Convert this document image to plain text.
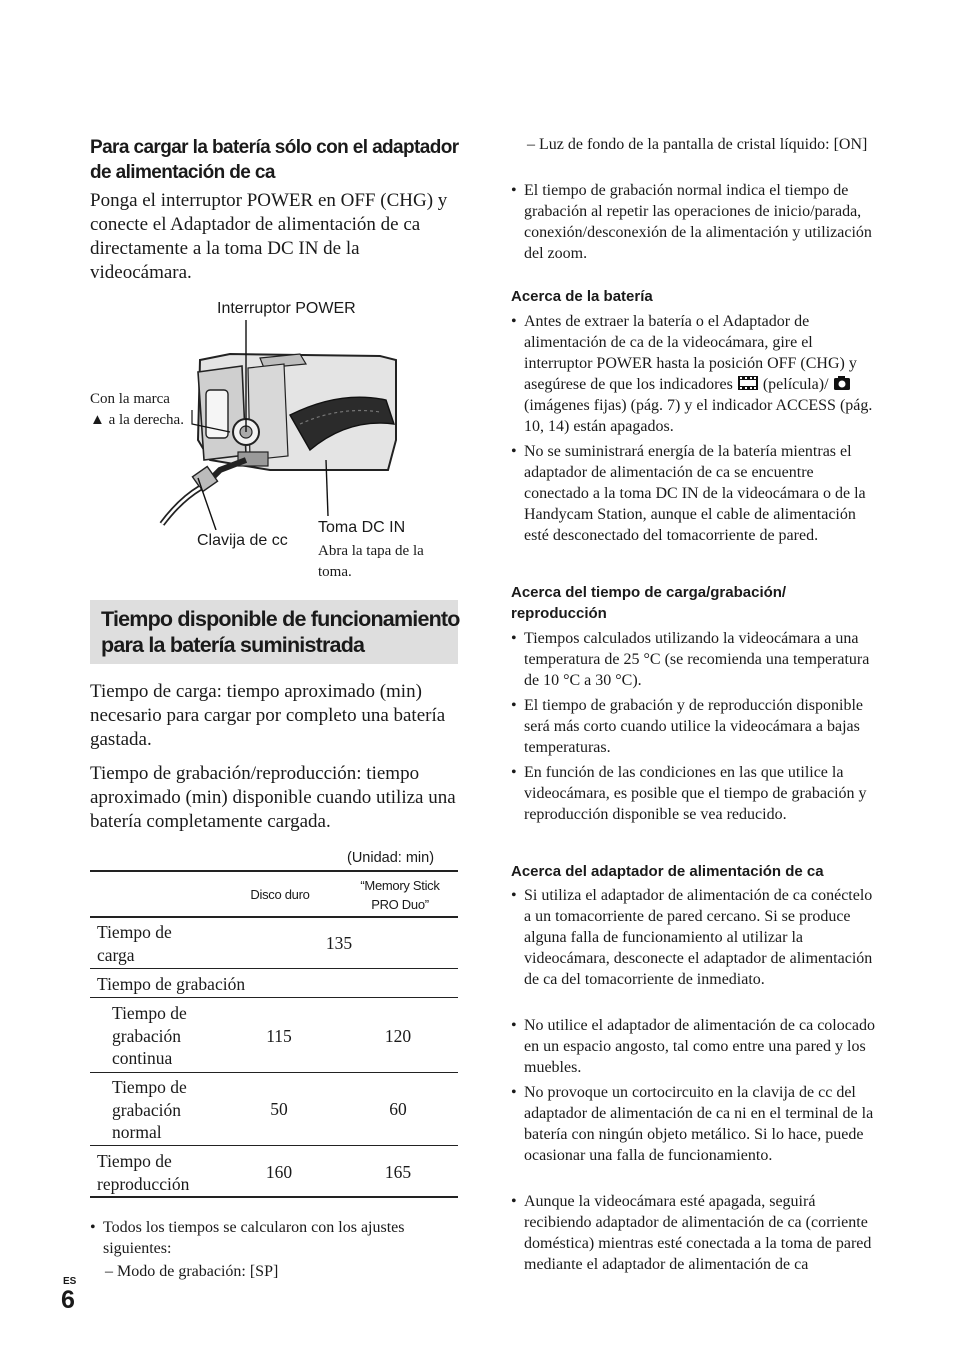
Para cargar la batería sólo con el adaptador de alimentación de ca
Ponga el interruptor POWER en OFF (CHG) y conecte el Adaptador de alimentación de ca directamente a la toma DC IN de la videocámara.
Interruptor POWER
Con la marca
▲ a la derecha.
Clavija de cc
Toma DC IN
Abra la tapa de la
toma.
Tiempo disponible de funcionamiento para la batería suministrada
Tiempo de carga: tiempo aproximado (min) necesario para cargar por completo una batería gastada.
Tiempo de grabación/reproducción: tiempo aproximado (min) disponible cuando utiliza una batería completamente cargada.
(Unidad: min)
Disco duro
“Memory Stick
PRO Duo”
Tiempo de
carga
135
Tiempo de grabación
Tiempo de
grabación
continua
115	120
Tiempo de
grabación
normal
50	60
Tiempo de
reproducción
160	165
• Todos los tiempos se calcularon con los ajustes siguientes:
– Modo de grabación: [SP]
ES
6
– Luz de fondo de la pantalla de cristal líquido: [ON]
• El tiempo de grabación normal indica el tiempo de grabación al repetir las operaciones de inicio/parada, conexión/desconexión de la alimentación y utilización del zoom.
Acerca de la batería
• Antes de extraer la batería o el Adaptador de alimentación de ca de la videocámara, gire el interruptor POWER hasta la posición OFF (CHG) y asegúrese de que los indicadores (película)/  (imágenes fijas) (pág. 7) y el indicador ACCESS (pág. 10, 14) están apagados.
• No se suministrará energía de la batería mientras el adaptador de alimentación de ca se encuentre conectado a la toma DC IN de la videocámara o de la Handycam Station, aunque el cable de alimentación esté desconectado del tomacorriente de pared.
Acerca del tiempo de carga/grabación/ reproducción
• Tiempos calculados utilizando la videocámara a una temperatura de 25 °C (se recomienda una temperatura de 10 °C a 30 °C).
• El tiempo de grabación y de reproducción disponible será más corto cuando utilice la videocámara a bajas temperaturas.
• En función de las condiciones en las que utilice la videocámara, es posible que el tiempo de grabación y reproducción disponible se vea reducido.
Acerca del adaptador de alimentación de ca
• Si utiliza el adaptador de alimentación de ca conéctelo a un tomacorriente de pared cercano. Si se produce alguna falla de funcionamiento al utilizar la videocámara, desconecte el adaptador de alimentación de ca del tomacorriente de inmediato.
• No utilice el adaptador de alimentación de ca colocado en un espacio angosto, tal como entre una pared y los muebles.
• No provoque un cortocircuito en la clavija de cc del adaptador de alimentación de ca ni en el terminal de la batería con ningún objeto metálico. Si lo hace, puede ocasionar una falla de funcionamiento.
• Aunque la videocámara esté apagada, seguirá recibiendo adaptador de alimentación de ca (corriente doméstica) mientras esté conectada a la toma de pared mediante el adaptador de alimentación de ca
